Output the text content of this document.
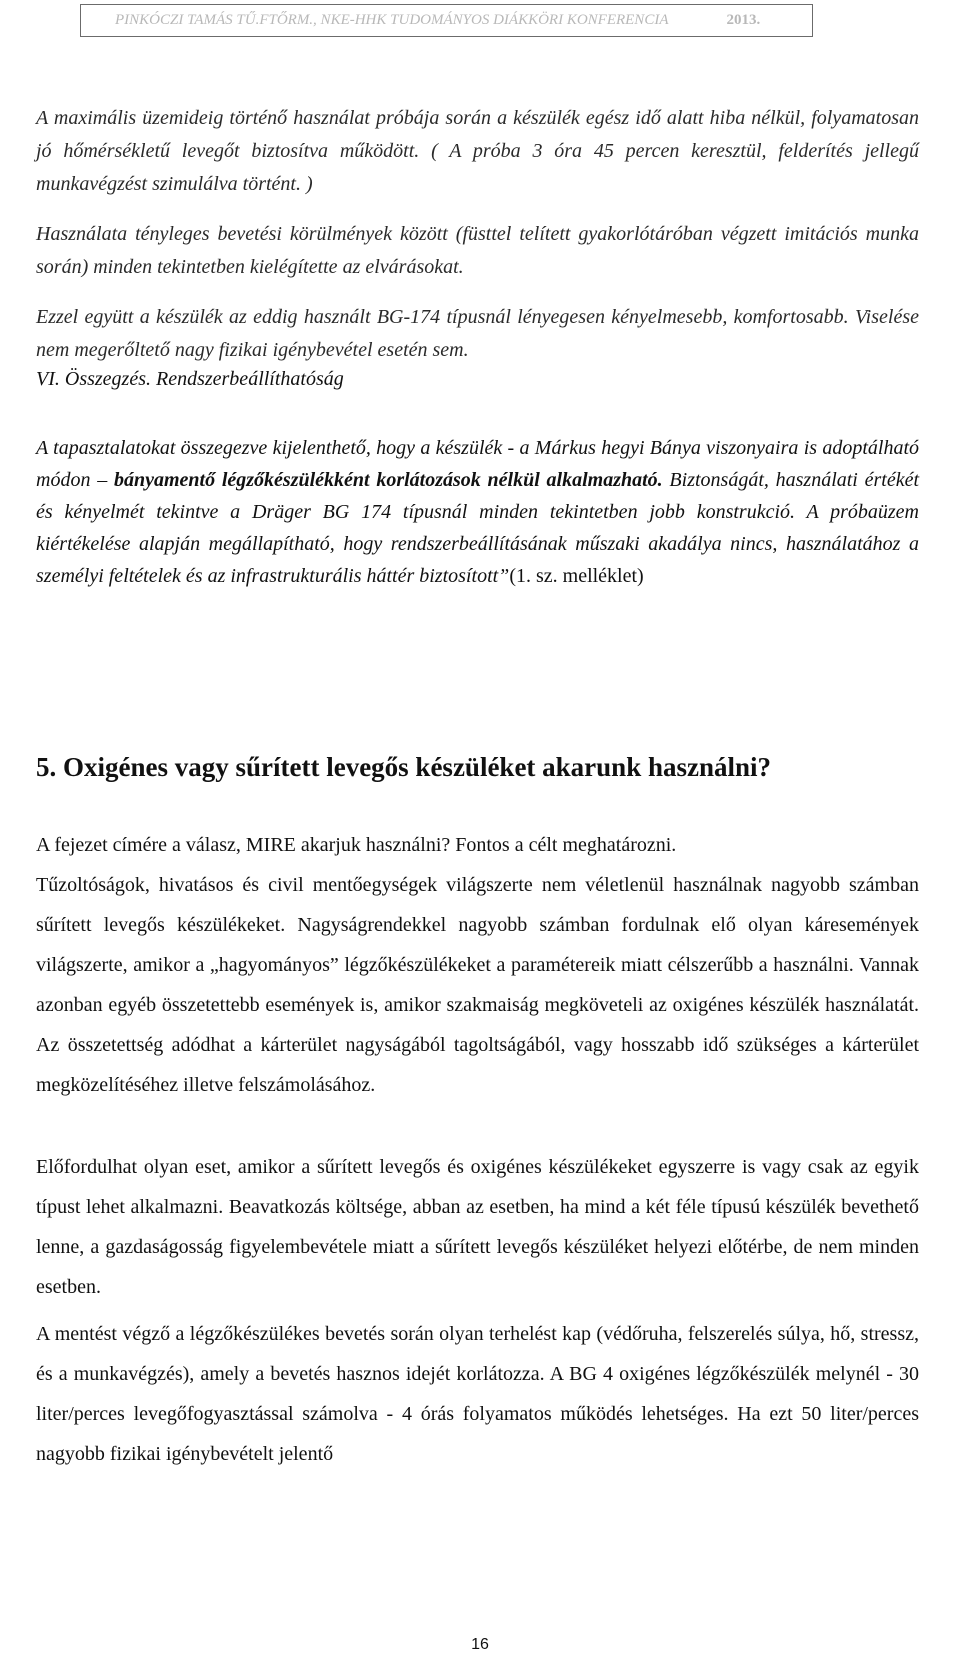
PINKÓCZI TAMÁS TŰ.FTŐRM., NKE-HHK TUDOMÁNYOS DIÁKKÖRI KONFERENCIA	2013.

A maximális üzemideig történő használat próbája során a készülék egész idő alatt hiba nélkül, folyamatosan jó hőmérsékletű levegőt biztosítva működött. ( A próba 3 óra 45 percen keresztül, felderítés jellegű munkavégzést szimulálva történt. )

Használata tényleges bevetési körülmények között (füsttel telített gyakorlótáróban végzett imitációs munka során) minden tekintetben kielégítette az elvárásokat.

Ezzel együtt a készülék az eddig használt BG-174 típusnál lényegesen kényelmesebb, komfortosabb. Viselése nem megerőltető nagy fizikai igénybevétel esetén sem.

VI. Összegzés. Rendszerbeállíthatóság

A tapasztalatokat összegezve kijelenthető, hogy a készülék - a Márkus hegyi Bánya viszonyaira is adoptálható módon – bányamentő légzőkészülékként korlátozások nélkül alkalmazható. Biztonságát, használati értékét és kényelmét tekintve a Dräger BG 174 típusnál minden tekintetben jobb konstrukció. A próbaüzem kiértékelése alapján megállapítható, hogy rendszerbeállításának műszaki akadálya nincs, használatához a személyi feltételek és az infrastrukturális háttér biztosított”(1. sz. melléklet)

5. Oxigénes vagy sűrített levegős készüléket akarunk használni?

A fejezet címére a válasz, MIRE akarjuk használni? Fontos a célt meghatározni.

Tűzoltóságok, hivatásos és civil mentőegységek világszerte nem véletlenül használnak nagyobb számban sűrített levegős készülékeket. Nagyságrendekkel nagyobb számban fordulnak elő olyan káresemények világszerte, amikor a „hagyományos” légzőkészülékeket a paramétereik miatt célszerűbb a használni. Vannak azonban egyéb összetettebb események is, amikor szakmaiság megköveteli az oxigénes készülék használatát. Az összetettség adódhat a kárterület nagyságából tagoltságából, vagy hosszabb idő szükséges a kárterület megközelítéséhez illetve felszámolásához.

Előfordulhat olyan eset, amikor a sűrített levegős és oxigénes készülékeket egyszerre is vagy csak az egyik típust lehet alkalmazni. Beavatkozás költsége, abban az esetben, ha mind a két féle típusú készülék bevethető lenne, a gazdaságosság figyelembevétele miatt a sűrített levegős készüléket helyezi előtérbe, de nem minden esetben.

A mentést végző a légzőkészülékes bevetés során olyan terhelést kap (védőruha, felszerelés súlya, hő, stressz, és a munkavégzés), amely a bevetés hasznos idejét korlátozza. A BG 4 oxigénes légzőkészülék melynél - 30 liter/perces levegőfogyasztással számolva - 4 órás folyamatos működés lehetséges. Ha ezt 50 liter/perces nagyobb fizikai igénybevételt jelentő

16
